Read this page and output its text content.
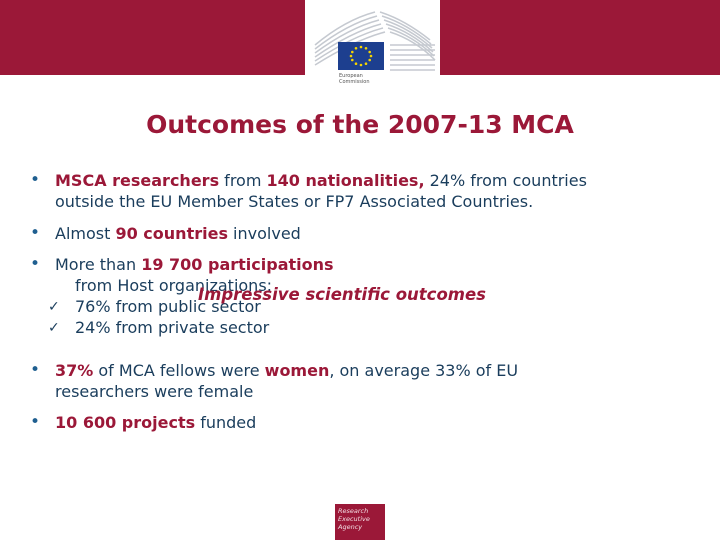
European
Commission
Outcomes of the 2007-13 MCA
• MSCA researchers from 140 nationalities, 24% from countries
outside the EU Member States or FP7 Associated Countries.
• Almost 90 countries involved
• More than 19 700 participations
from Host organizations:
✓ 76% from public sector
✓ 24% from private sector
Impressive scientific outcomes
• 37% of MCA fellows were women, on average 33% of EU
researchers were female
• 10 600 projects funded
Research
Executive
Agency
